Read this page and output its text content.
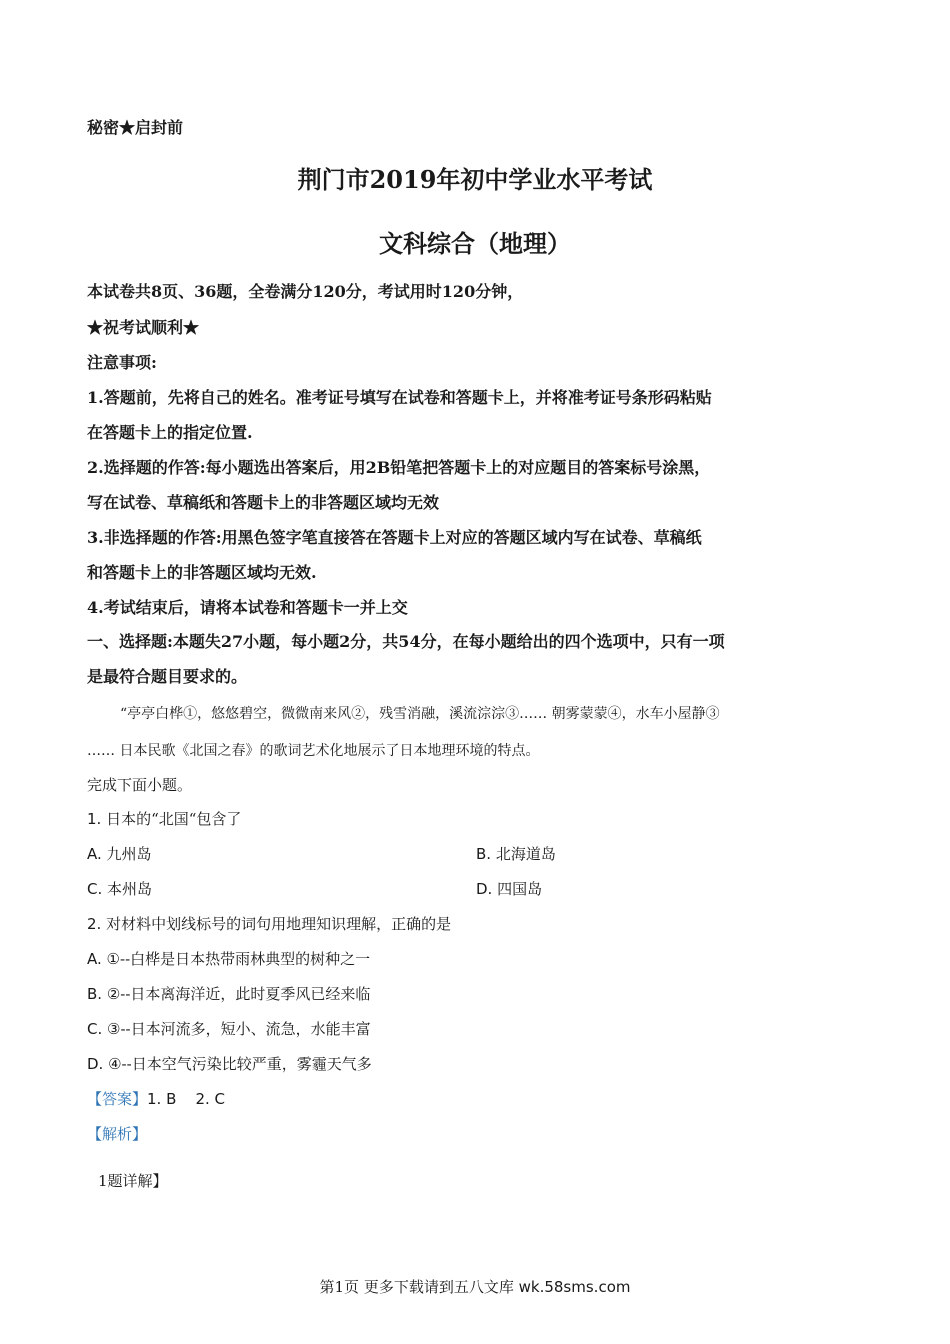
秘密★启封前
荆门市2019年初中学业水平考试
文科综合（地理）
本试卷共8页、36题，全卷满分120分，考试用时120分钟，
★祝考试顺利★
注意事项:
1.答题前，先将自己的姓名。准考证号填写在试卷和答题卡上，并将准考证号条形码粘贴
在答题卡上的指定位置.
2.选择题的作答:每小题选出答案后，用2B铅笔把答题卡上的对应题目的答案标号涂黑，
写在试卷、草稿纸和答题卡上的非答题区域均无效
3.非选择题的作答:用黑色签字笔直接答在答题卡上对应的答题区域内写在试卷、草稿纸
和答题卡上的非答题区域均无效.
4.考试结束后，请将本试卷和答题卡一并上交
一、选择题:本题失27小题，每小题2分，共54分，在每小题给出的四个选项中，只有一项
是最符合题目要求的。
“亭亭白桦①，悠悠碧空，微微南来风②，残雪消融，溪流淙淙③…… 朝雾蒙蒙④，水车小屋静③
…… 日本民歌《北国之春》的歌词艺术化地展示了日本地理环境的特点。
完成下面小题。
1. 日本的“北国“包含了
A. 九州岛	B. 北海道岛
C. 本州岛	D. 四国岛
2. 对材料中划线标号的词句用地理知识理解，正确的是
A. ①--白桦是日本热带雨林典型的树种之一
B. ②--日本离海洋近，此时夏季风已经来临
C. ③--日本河流多，短小、流急，水能丰富
D. ④--日本空气污染比较严重，雾霾天气多
【答案】1. B    2. C
【解析】
1题详解】
第1页 更多下载请到五八文库 wk.58sms.com
